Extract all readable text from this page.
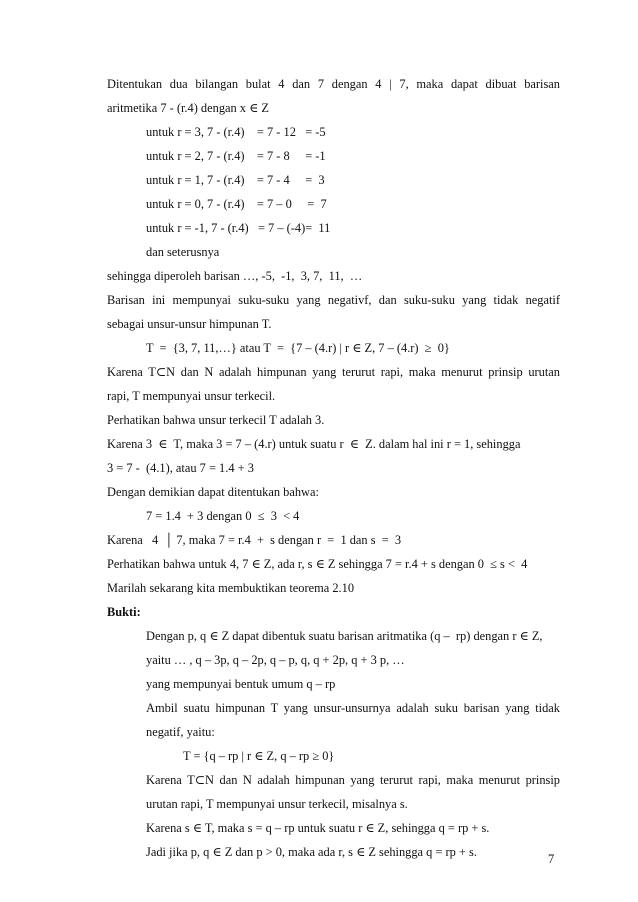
Ditentukan dua bilangan bulat 4 dan 7 dengan 4 | 7, maka dapat dibuat barisan
aritmetika 7 - (r.4) dengan x ∈ Z
untuk r = 3, 7 - (r.4)    = 7 - 12   = -5
untuk r = 2, 7 - (r.4)    = 7 - 8     = -1
untuk r = 1, 7 - (r.4)    = 7 - 4     =  3
untuk r = 0, 7 - (r.4)    = 7 – 0     =  7
untuk r = -1, 7 - (r.4)   = 7 – (-4)=  11
dan seterusnya
sehingga diperoleh barisan …, -5,  -1,  3, 7,  11,  …
Barisan ini mempunyai suku-suku yang negativf, dan suku-suku yang tidak negatif
sebagai unsur-unsur himpunan T.
T  =  {3, 7, 11,…} atau T  =  {7 – (4.r) | r ∈ Z, 7 – (4.r)  ≥  0}
Karena T⊂N dan N adalah himpunan yang terurut rapi, maka menurut prinsip urutan
rapi, T mempunyai unsur terkecil.
Perhatikan bahwa unsur terkecil T adalah 3.
Karena 3  ∈  T, maka 3 = 7 – (4.r) untuk suatu r  ∈  Z. dalam hal ini r = 1, sehingga
3 = 7 -  (4.1), atau 7 = 1.4 + 3
Dengan demikian dapat ditentukan bahwa:
7 = 1.4  + 3 dengan 0  ≤  3  < 4
Karena   4  │ 7, maka 7 = r.4  +  s dengan r  =  1 dan s  =  3
Perhatikan bahwa untuk 4, 7 ∈ Z, ada r, s ∈ Z sehingga 7 = r.4 + s dengan 0  ≤ s <  4
Marilah sekarang kita membuktikan teorema 2.10
Bukti:
Dengan p, q ∈ Z dapat dibentuk suatu barisan aritmatika (q –  rp) dengan r ∈ Z,
yaitu … , q – 3p, q – 2p, q – p, q, q + 2p, q + 3 p, …
yang mempunyai bentuk umum q – rp
Ambil suatu himpunan T yang unsur-unsurnya adalah suku barisan yang tidak
negatif, yaitu:
T = {q – rp | r ∈ Z, q – rp ≥ 0}
Karena T⊂N dan N adalah himpunan yang terurut rapi, maka menurut prinsip
urutan rapi, T mempunyai unsur terkecil, misalnya s.
Karena s ∈ T, maka s = q – rp untuk suatu r ∈ Z, sehingga q = rp + s.
Jadi jika p, q ∈ Z dan p > 0, maka ada r, s ∈ Z sehingga q = rp + s.	7
